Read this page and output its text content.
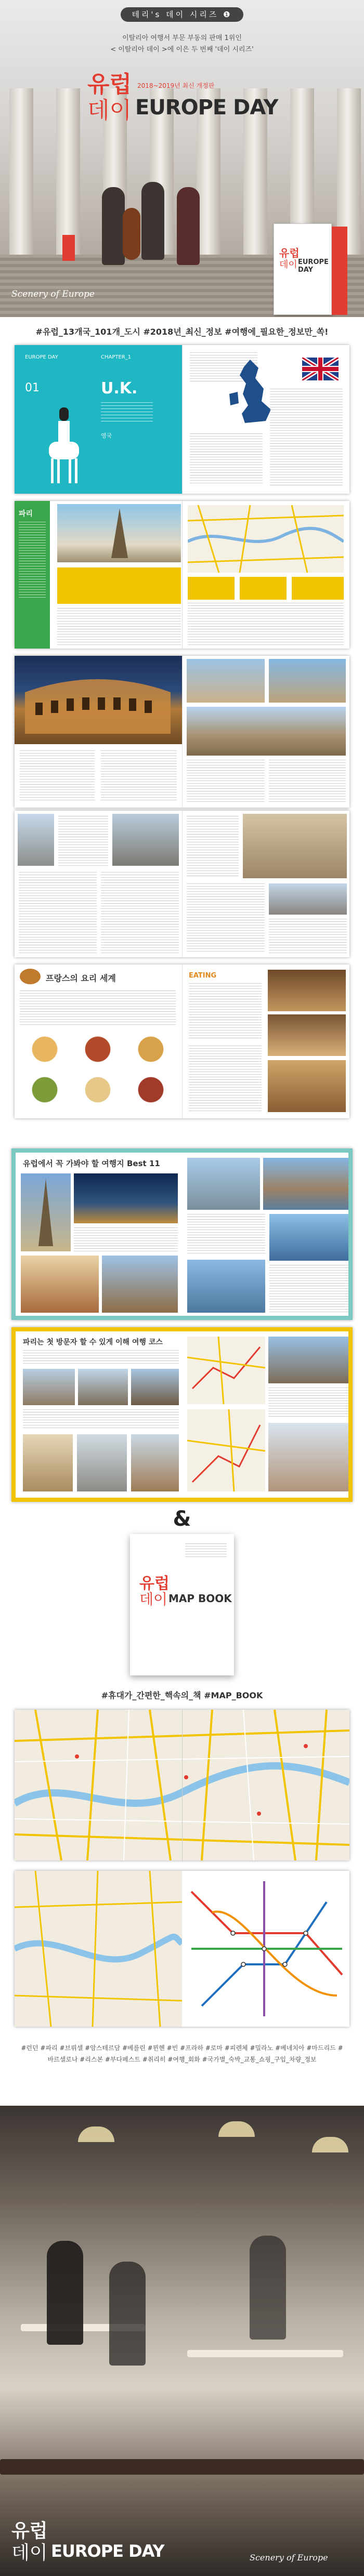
테리's 데이 시리즈 ❶
이탈리아 여행서 부문 부동의 판매 1위인
< 이탈리아 데이 >에 이은 두 번째 '데이 시리즈'
유럽 2018~2019년 최신 개정판
데이 EUROPE DAY
유럽
데이 EUROPE DAY
Scenery of Europe
#유럽_13개국_101개_도시 #2018년_최신_정보 #여행에_필요한_정보만_쏙!
EUROPE DAY	CHAPTER_1
01	U.K.
영국
파리
프랑스의 요리 세계	EATING
유럽에서 꼭 가봐야 할 여행지 Best 11
파리는 첫 방문자 할 수 있게 이해 여행 코스
&
유럽
데이 MAP BOOK
#휴대가_간편한_핵속의_책 #MAP_BOOK
#런던 #파리 #브뤼셀 #암스테르담 #베를린 #뮌헨 #빈 #프라하 #로마 #피렌체 #밀라노 #베네치아 #마드리드 #바르셀로나 #리스본 #부다페스트 #취리히 #여행_회화 #국가별_숙박_교통_쇼핑_구입_차량_정보
유럽
데이 EUROPE DAY	Scenery of Europe
